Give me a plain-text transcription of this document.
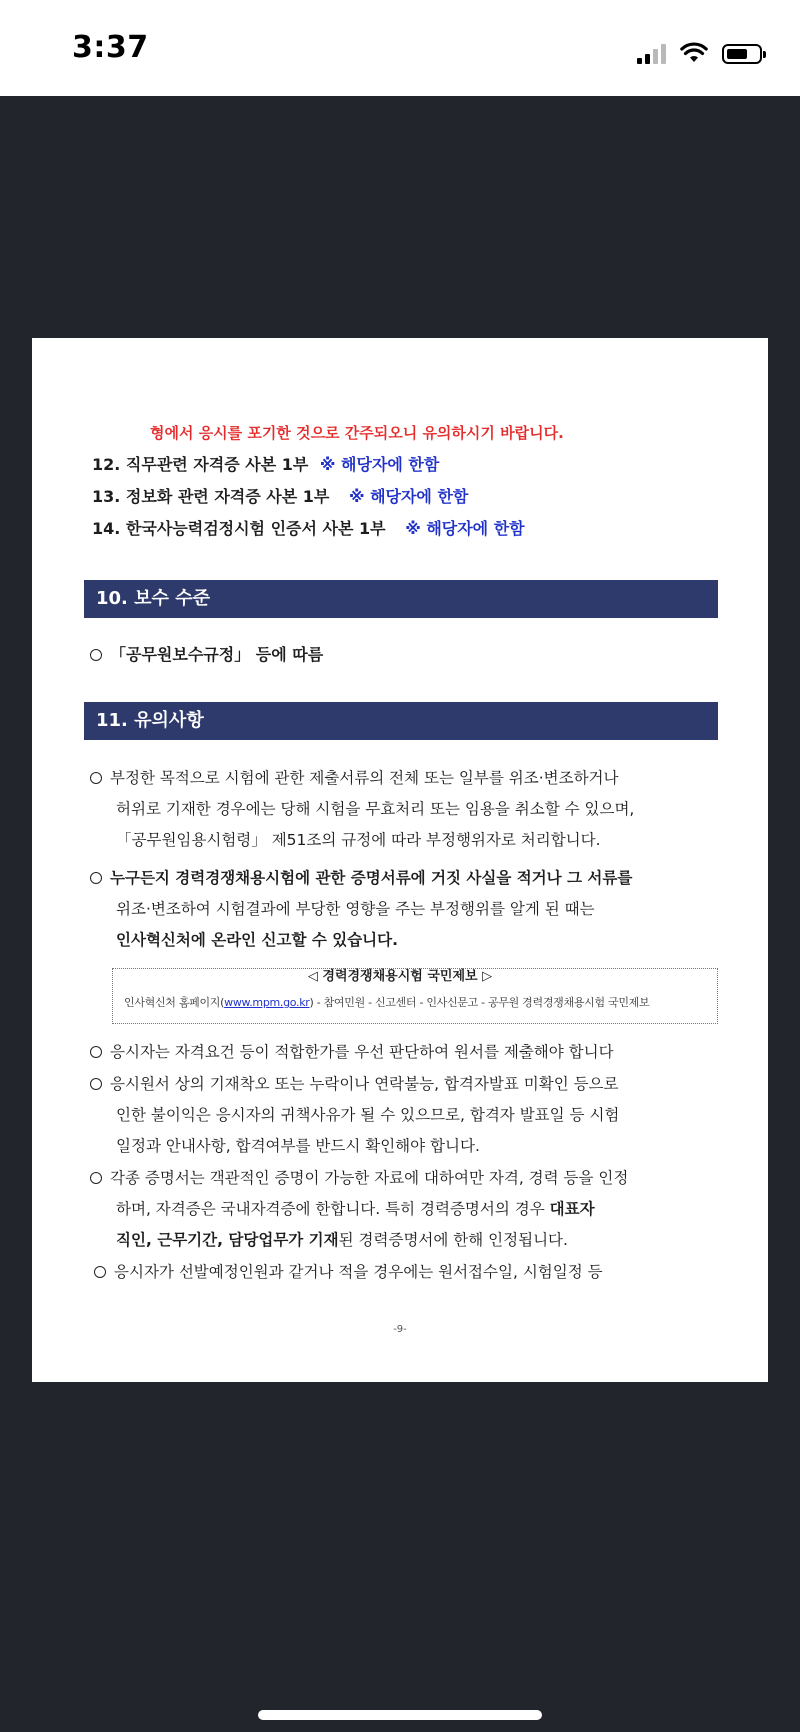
3:37
형에서 응시를 포기한 것으로 간주되오니 유의하시기 바랍니다.
12. 직무관련 자격증 사본 1부 ※ 해당자에 한함
13. 정보화 관련 자격증 사본 1부 ※ 해당자에 한함
14. 한국사능력검정시험 인증서 사본 1부 ※ 해당자에 한함
10. 보수 수준
「공무원보수규정」 등에 따름
11. 유의사항
부정한 목적으로 시험에 관한 제출서류의 전체 또는 일부를 위조·변조하거나
허위로 기재한 경우에는 당해 시험을 무효처리 또는 임용을 취소할 수 있으며,
「공무원임용시험령」 제51조의 규정에 따라 부정행위자로 처리합니다.
누구든지 경력경쟁채용시험에 관한 증명서류에 거짓 사실을 적거나 그 서류를
위조·변조하여 시험결과에 부당한 영향을 주는 부정행위를 알게 된 때는
인사혁신처에 온라인 신고할 수 있습니다.
◁ 경력경쟁채용시험 국민제보 ▷
인사혁신처 홈페이지(www.mpm.go.kr) - 참여민원 - 신고센터 - 인사신문고 - 공무원 경력경쟁채용시험 국민제보
응시자는 자격요건 등이 적합한가를 우선 판단하여 원서를 제출해야 합니다
응시원서 상의 기재착오 또는 누락이나 연락불능, 합격자발표 미확인 등으로
인한 불이익은 응시자의 귀책사유가 될 수 있으므로, 합격자 발표일 등 시험
일정과 안내사항, 합격여부를 반드시 확인해야 합니다.
각종 증명서는 객관적인 증명이 가능한 자료에 대하여만 자격, 경력 등을 인정
하며, 자격증은 국내자격증에 한합니다. 특히 경력증명서의 경우 대표자
직인, 근무기간, 담당업무가 기재된 경력증명서에 한해 인정됩니다.
응시자가 선발예정인원과 같거나 적을 경우에는 원서접수일, 시험일정 등
-9-
